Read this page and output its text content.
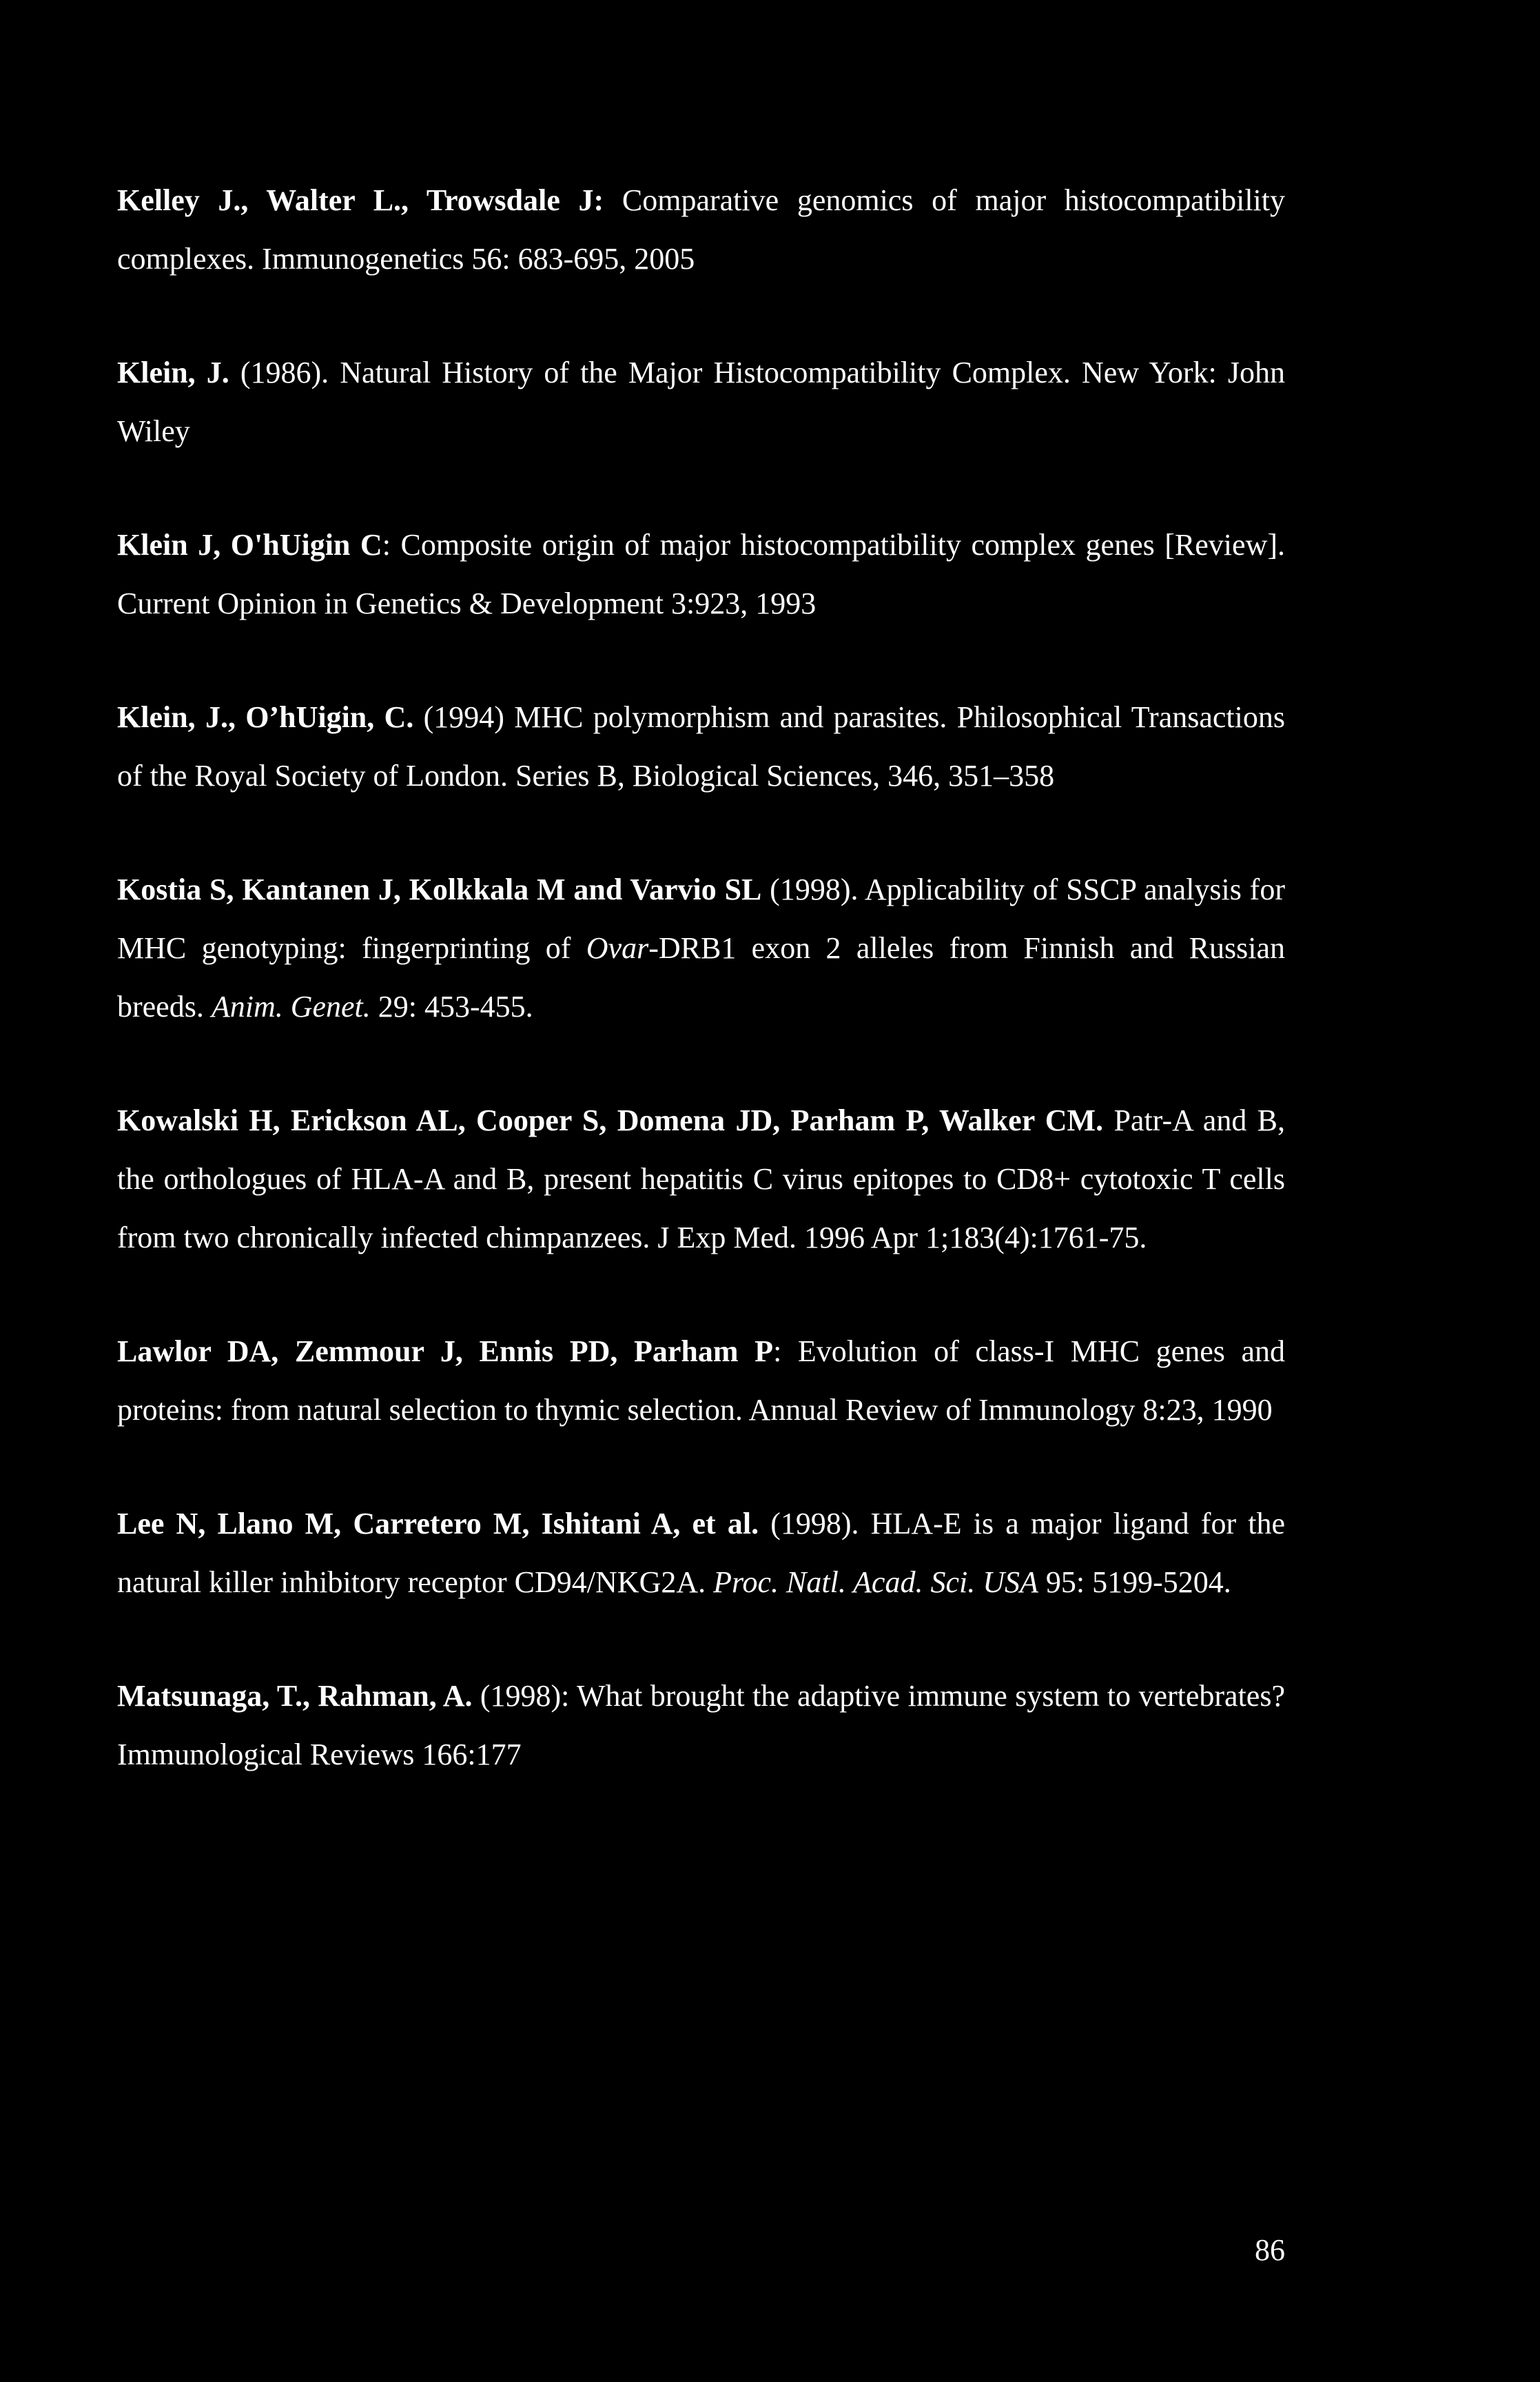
Kelley J., Walter L., Trowsdale J: Comparative genomics of major histocompatibility complexes. Immunogenetics 56: 683-695, 2005

Klein, J. (1986). Natural History of the Major Histocompatibility Complex. New York: John Wiley

Klein J, O'hUigin C: Composite origin of major histocompatibility complex genes [Review]. Current Opinion in Genetics & Development 3:923, 1993

Klein, J., O’hUigin, C. (1994) MHC polymorphism and parasites. Philosophical Transactions of the Royal Society of London. Series B, Biological Sciences, 346, 351–358

Kostia S, Kantanen J, Kolkkala M and Varvio SL (1998). Applicability of SSCP analysis for MHC genotyping: fingerprinting of Ovar-DRB1 exon 2 alleles from Finnish and Russian breeds. Anim. Genet. 29: 453-455.

Kowalski H, Erickson AL, Cooper S, Domena JD, Parham P, Walker CM. Patr-A and B, the orthologues of HLA-A and B, present hepatitis C virus epitopes to CD8+ cytotoxic T cells from two chronically infected chimpanzees. J Exp Med. 1996 Apr 1;183(4):1761-75.

Lawlor DA, Zemmour J, Ennis PD, Parham P: Evolution of class-I MHC genes and proteins: from natural selection to thymic selection. Annual Review of Immunology 8:23, 1990

Lee N, Llano M, Carretero M, Ishitani A, et al. (1998). HLA-E is a major ligand for the natural killer inhibitory receptor CD94/NKG2A. Proc. Natl. Acad. Sci. USA 95: 5199-5204.

Matsunaga, T., Rahman, A. (1998): What brought the adaptive immune system to vertebrates? Immunological Reviews 166:177

86
